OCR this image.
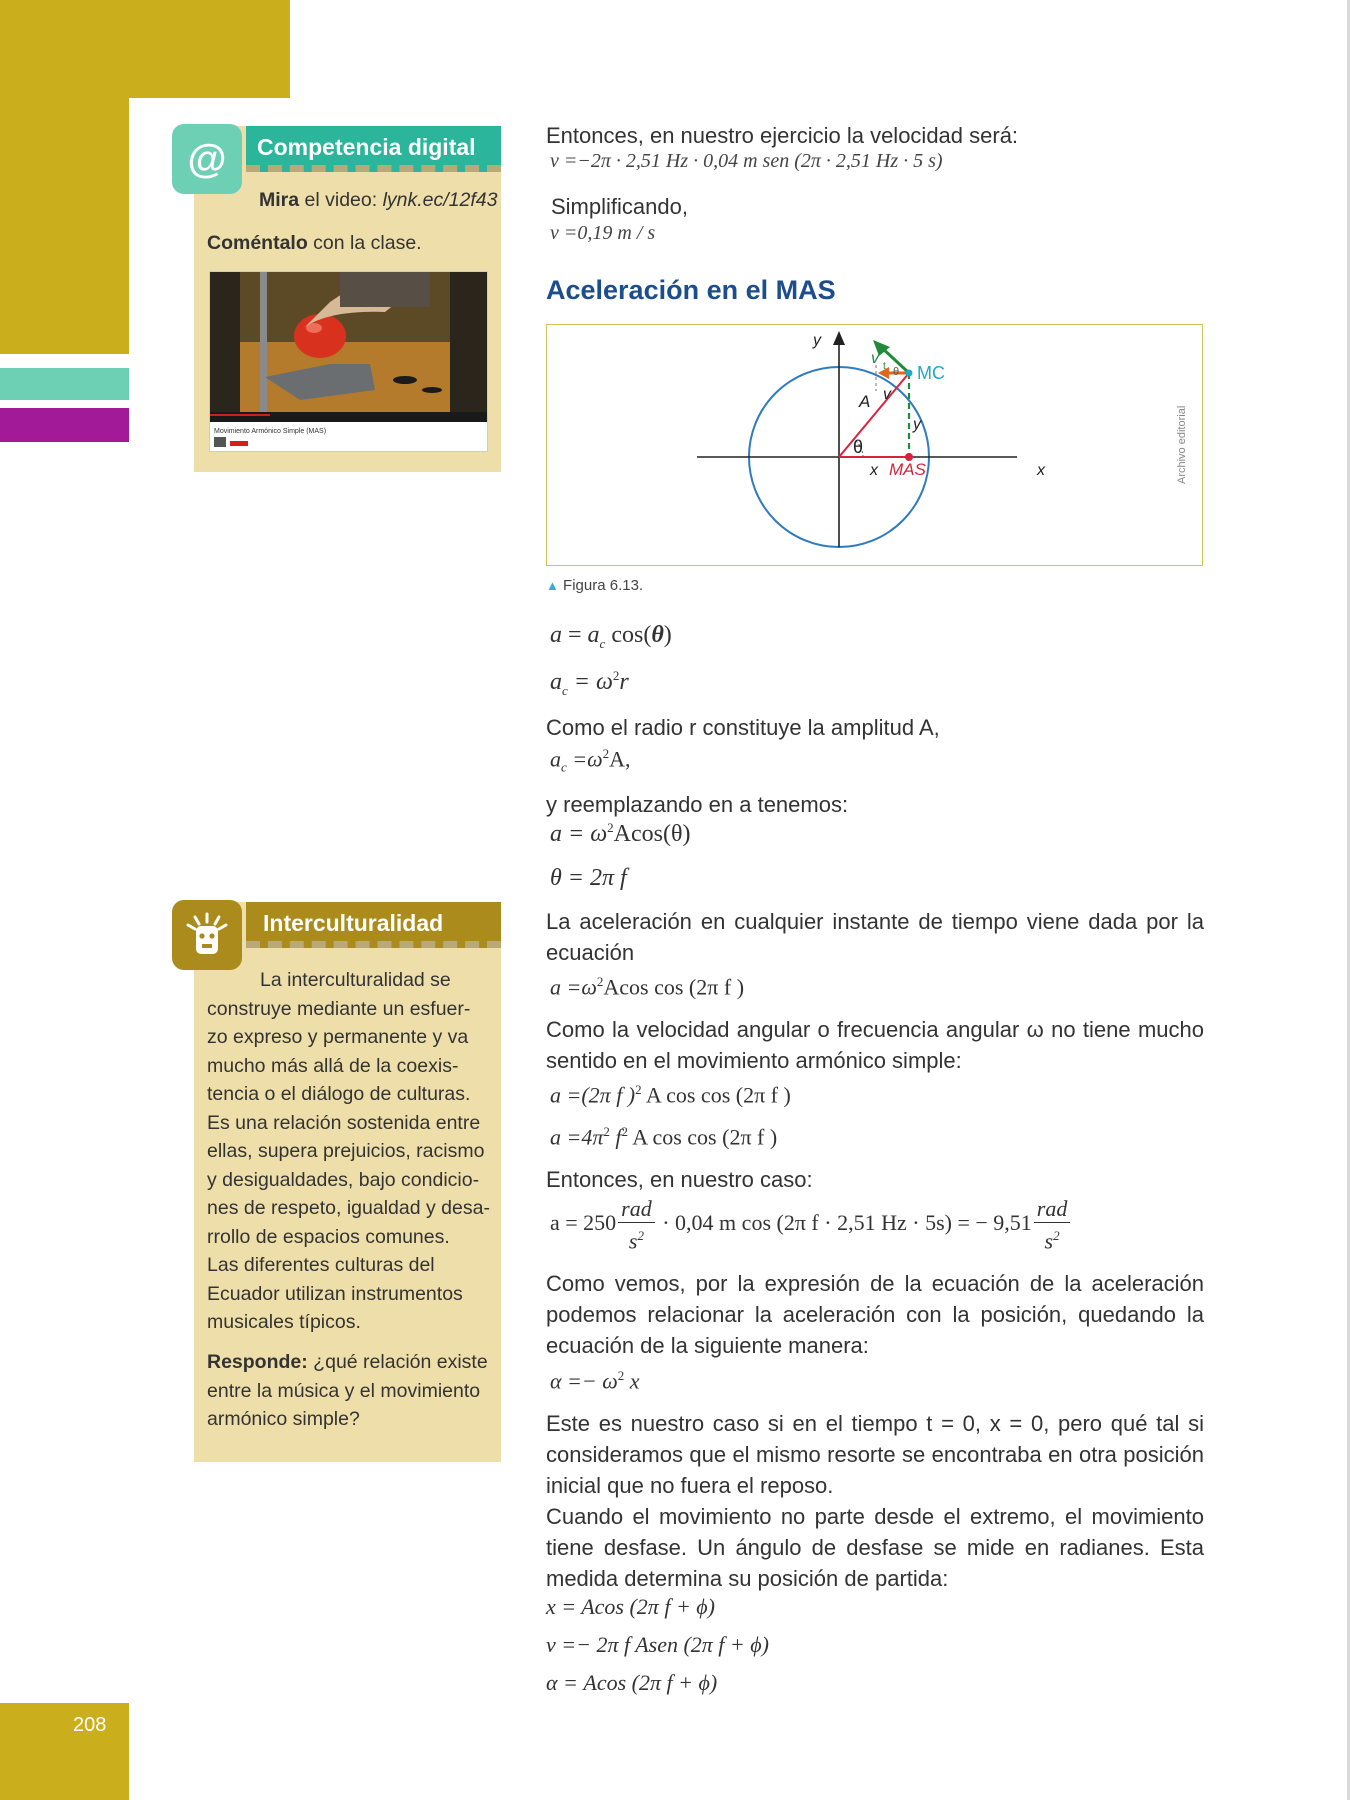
208
Competencia digital
@
Mira el video: lynk.ec/12f43
Coméntalo con la clase.
Movimiento Armónico Simple (MAS)
Interculturalidad
La interculturalidad se
construye mediante un esfuer-
zo expreso y permanente y va
mucho más allá de la coexis-
tencia o el diálogo de culturas.
Es una relación sostenida entre
ellas, supera prejuicios, racismo
y desigualdades, bajo condicio-
nes de respeto, igualdad y desa-
rrollo de espacios comunes.
Las diferentes culturas del
Ecuador utilizan instrumentos
musicales típicos.
Responde: ¿qué relación existe
entre la música y el movimiento
armónico simple?
Entonces, en nuestro ejercicio la velocidad será:
v =−2π · 2,51 Hz · 0,04 m sen (2π · 2,51 Hz · 5 s)
Simplificando,
v =0,19 m / s
Aceleración en el MAS
y
x
v t θ MC
A v
θ
y
x MAS	Archivo editorial
▲ Figura 6.13.
$a = a_c$ cos(θ)
$a_c = \omega^2r$
Como el radio r constituye la amplitud A,
$a_c =\omega^2A$,
y reemplazando en a tenemos:
$a = \omega^2Acos(\theta)$
θ = 2π f
La aceleración en cualquier instante de tiempo viene dada por la ecuación
$a =\omega^2Acos$ cos (2π f )
Como la velocidad angular o frecuencia angular ω no tiene mucho sentido en el movimiento armónico simple:
a =(2π f )$^2$ A cos cos (2π f )
$a =4\pi^2$ $f^2$ A cos cos (2π f )
Entonces, en nuestro caso:
$a = 250 \frac{\text{rad}}{s^2} \cdot 0,04$ m cos (2π f · 2,51 Hz · 5s) = − $9,51 \frac{\text{rad}}{s^2}$
Como vemos, por la expresión de la ecuación de la aceleración podemos relacionar la aceleración con la posición, quedando la ecuación de la siguiente manera:
$\alpha =- \omega^2$ x
Este es nuestro caso si en el tiempo t = 0, x = 0, pero qué tal si consideramos que el mismo resorte se encontraba en otra posición inicial que no fuera el reposo.
Cuando el movimiento no parte desde el extremo, el movimiento tiene desfase. Un ángulo de desfase se mide en radianes. Esta medida determina su posición de partida:
x = Acos (2π f + ϕ)
v =− 2π f Asen (2π f + ϕ)
α = Acos (2π f + ϕ)
